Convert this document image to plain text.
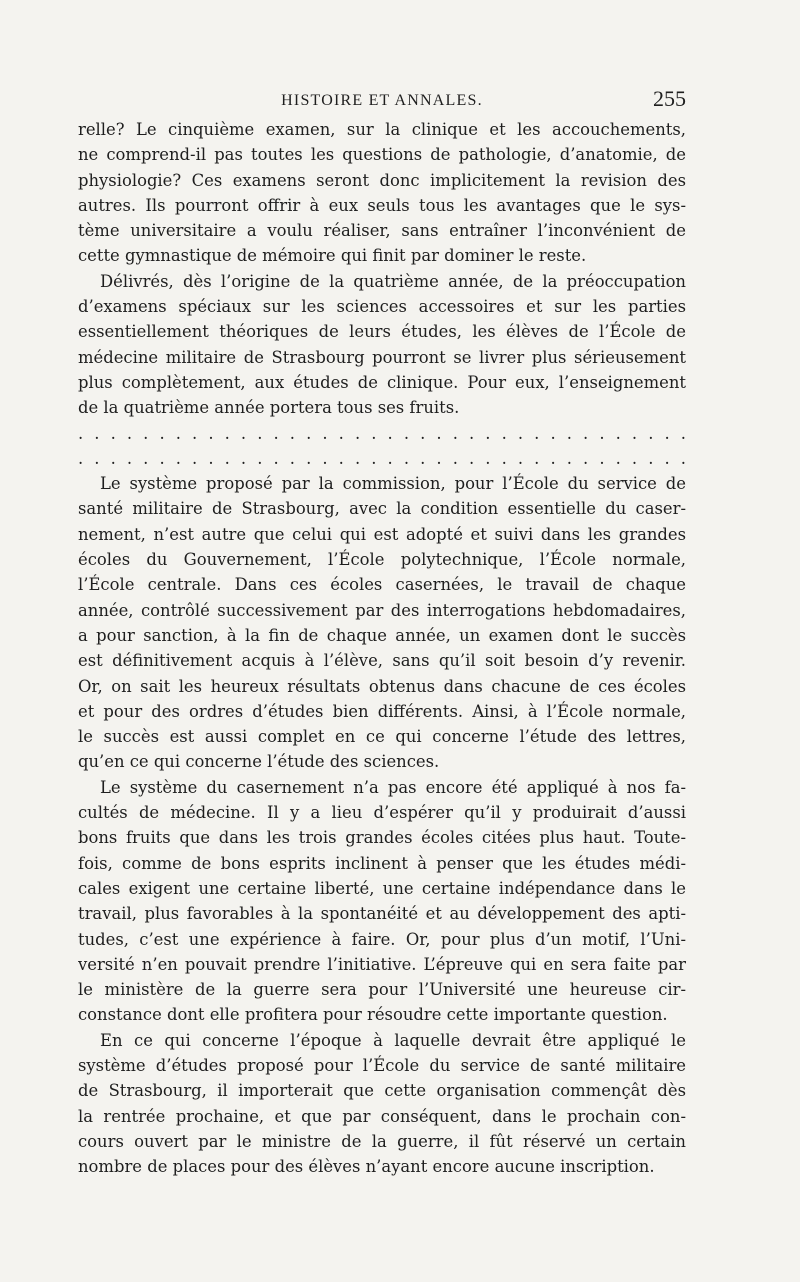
HISTOIRE ET ANNALES.	255
relle? Le cinquième examen, sur la clinique et les accouchements,
ne comprend-il pas toutes les questions de pathologie, d’anatomie, de
physiologie? Ces examens seront donc implicitement la revision des
autres. Ils pourront offrir à eux seuls tous les avantages que le sys-
tème universitaire a voulu réaliser, sans entraîner l’inconvénient de
cette gymnastique de mémoire qui finit par dominer le reste.
Délivrés, dès l’origine de la quatrième année, de la préoccupation
d’examens spéciaux sur les sciences accessoires et sur les parties
essentiellement théoriques de leurs études, les élèves de l’École de
médecine militaire de Strasbourg pourront se livrer plus sérieusement
plus complètement, aux études de clinique. Pour eux, l’enseignement
de la quatrième année portera tous ses fruits.
. . . . . . . . . . . . . . . . . . . . . . . . . . . . . . . . . . . . . .
. . . . . . . . . . . . . . . . . . . . . . . . . . . . . . . . . . . . . .
Le système proposé par la commission, pour l’École du service de
santé militaire de Strasbourg, avec la condition essentielle du caser-
nement, n’est autre que celui qui est adopté et suivi dans les grandes
écoles du Gouvernement, l’École polytechnique, l’École normale,
l’École centrale. Dans ces écoles casernées, le travail de chaque
année, contrôlé successivement par des interrogations hebdomadaires,
a pour sanction, à la fin de chaque année, un examen dont le succès
est définitivement acquis à l’élève, sans qu’il soit besoin d’y revenir.
Or, on sait les heureux résultats obtenus dans chacune de ces écoles
et pour des ordres d’études bien différents. Ainsi, à l’École normale,
le succès est aussi complet en ce qui concerne l’étude des lettres,
qu’en ce qui concerne l’étude des sciences.
Le système du casernement n’a pas encore été appliqué à nos fa-
cultés de médecine. Il y a lieu d’espérer qu’il y produirait d’aussi
bons fruits que dans les trois grandes écoles citées plus haut. Toute-
fois, comme de bons esprits inclinent à penser que les études médi-
cales exigent une certaine liberté, une certaine indépendance dans le
travail, plus favorables à la spontanéité et au développement des apti-
tudes, c’est une expérience à faire. Or, pour plus d’un motif, l’Uni-
versité n’en pouvait prendre l’initiative. L’épreuve qui en sera faite par
le ministère de la guerre sera pour l’Université une heureuse cir-
constance dont elle profitera pour résoudre cette importante question.
En ce qui concerne l’époque à laquelle devrait être appliqué le
système d’études proposé pour l’École du service de santé militaire
de Strasbourg, il importerait que cette organisation commençât dès
la rentrée prochaine, et que par conséquent, dans le prochain con-
cours ouvert par le ministre de la guerre, il fût réservé un certain
nombre de places pour des élèves n’ayant encore aucune inscription.
